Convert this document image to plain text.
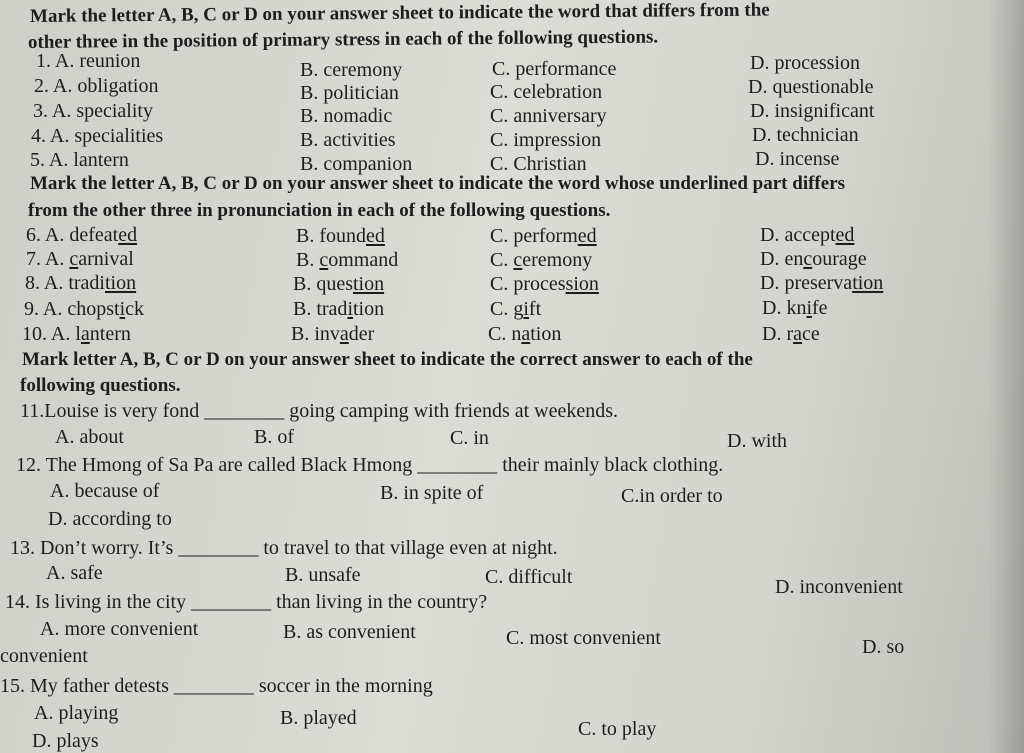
Mark the letter A, B, C or D on your answer sheet to indicate the word that differs from the
other three in the position of primary stress in each of the following questions.
1. A. reunion	B. ceremony	C. performance	D. procession
2. A. obligation	B. politician	C. celebration	D. questionable
3. A. speciality	B. nomadic	C. anniversary	D. insignificant
4. A. specialities	B. activities	C. impression	D. technician
5. A. lantern	B. companion	C. Christian	D. incense
Mark the letter A, B, C or D on your answer sheet to indicate the word whose underlined part differs
from the other three in pronunciation in each of the following questions.
6. A. defeated	B. founded	C. performed	D. accepted
7. A. carnival	B. command	C. ceremony	D. encourage
8. A. tradition	B. question	C. procession	D. preservation
9. A. chopstick	B. tradition	C. gift	D. knife
10. A. lantern	B. invader	C. nation	D. race
Mark letter A, B, C or D on your answer sheet to indicate the correct answer to each of the
following questions.
11.Louise is very fond ________ going camping with friends at weekends.
A. about	B. of	C. in	D. with
12. The Hmong of Sa Pa are called Black Hmong ________ their mainly black clothing.
A. because of	B. in spite of	C.in order to
D. according to
13. Don’t worry. It’s ________ to travel to that village even at night.
A. safe	B. unsafe	C. difficult	D. inconvenient
14. Is living in the city ________ than living in the country?
A. more convenient	B. as convenient	C. most convenient	D. so
convenient
15. My father detests ________ soccer in the morning
A. playing	B. played	C. to play
D. plays
